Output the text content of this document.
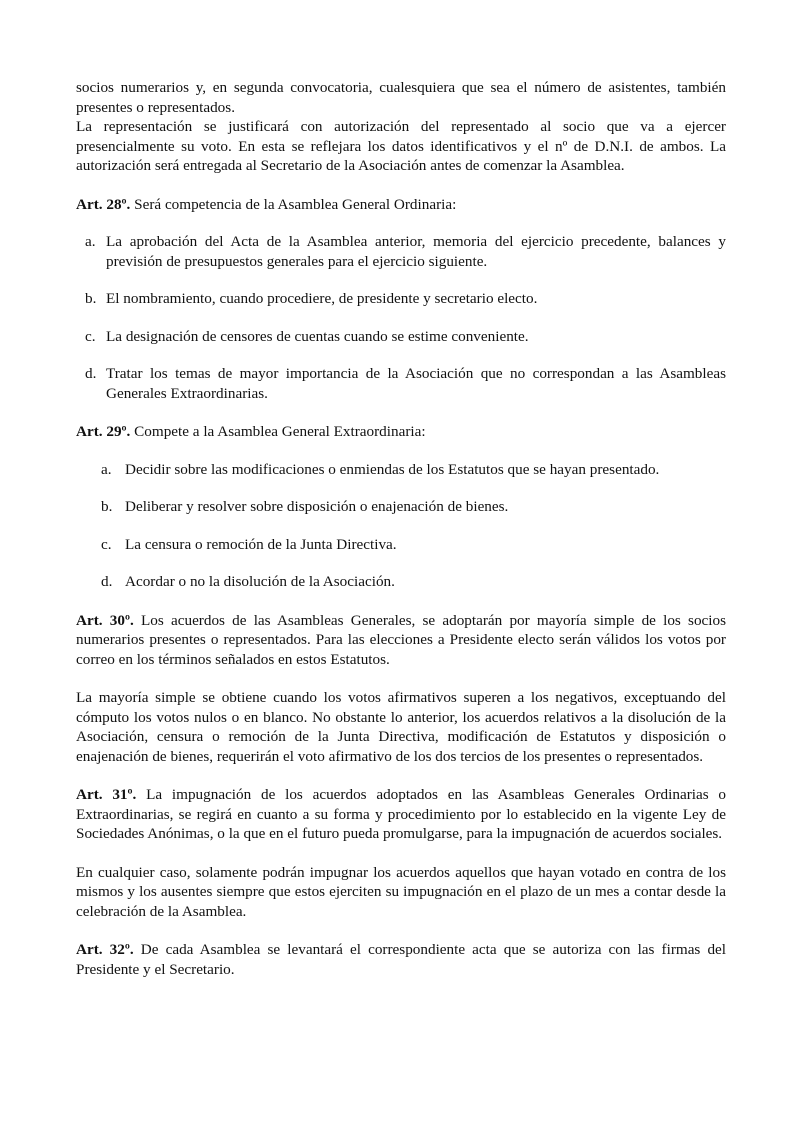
socios numerarios y, en segunda convocatoria, cualesquiera que sea el número de asistentes, también presentes o representados.

La representación se justificará con autorización del representado al socio que va a ejercer presencialmente su voto. En esta se reflejara los datos identificativos y el nº de D.N.I. de ambos. La autorización será entregada al Secretario de la Asociación antes de comenzar la Asamblea.

Art. 28º. Será competencia de la Asamblea General Ordinaria:

a. La aprobación del Acta de la Asamblea anterior, memoria del ejercicio precedente, balances y previsión de presupuestos generales para el ejercicio siguiente.
b. El nombramiento, cuando procediere, de presidente y secretario electo.
c. La designación de censores de cuentas cuando se estime conveniente.
d. Tratar los temas de mayor importancia de la Asociación que no correspondan a las Asambleas Generales Extraordinarias.

Art. 29º. Compete a la Asamblea General Extraordinaria:

a. Decidir sobre las modificaciones o enmiendas de los Estatutos que se hayan presentado.
b. Deliberar y resolver sobre disposición o enajenación de bienes.
c. La censura o remoción de la Junta Directiva.
d. Acordar o no la disolución de la Asociación.

Art. 30º. Los acuerdos de las Asambleas Generales, se adoptarán por mayoría simple de los socios numerarios presentes o representados. Para las elecciones a Presidente electo serán válidos los votos por correo en los términos señalados en estos Estatutos.

La mayoría simple se obtiene cuando los votos afirmativos superen a los negativos, exceptuando del cómputo los votos nulos o en blanco. No obstante lo anterior, los acuerdos relativos a la disolución de la Asociación, censura o remoción de la Junta Directiva, modificación de Estatutos y disposición o enajenación de bienes, requerirán el voto afirmativo de los dos tercios de los presentes o representados.

Art. 31º. La impugnación de los acuerdos adoptados en las Asambleas Generales Ordinarias o Extraordinarias, se regirá en cuanto a su forma y procedimiento por lo establecido en la vigente Ley de Sociedades Anónimas, o la que en el futuro pueda promulgarse, para la impugnación de acuerdos sociales.

En cualquier caso, solamente podrán impugnar los acuerdos aquellos que hayan votado en contra de los mismos y los ausentes siempre que estos ejerciten su impugnación en el plazo de un mes a contar desde la celebración de la Asamblea.

Art. 32º. De cada Asamblea se levantará el correspondiente acta que se autoriza con las firmas del Presidente y el Secretario.
